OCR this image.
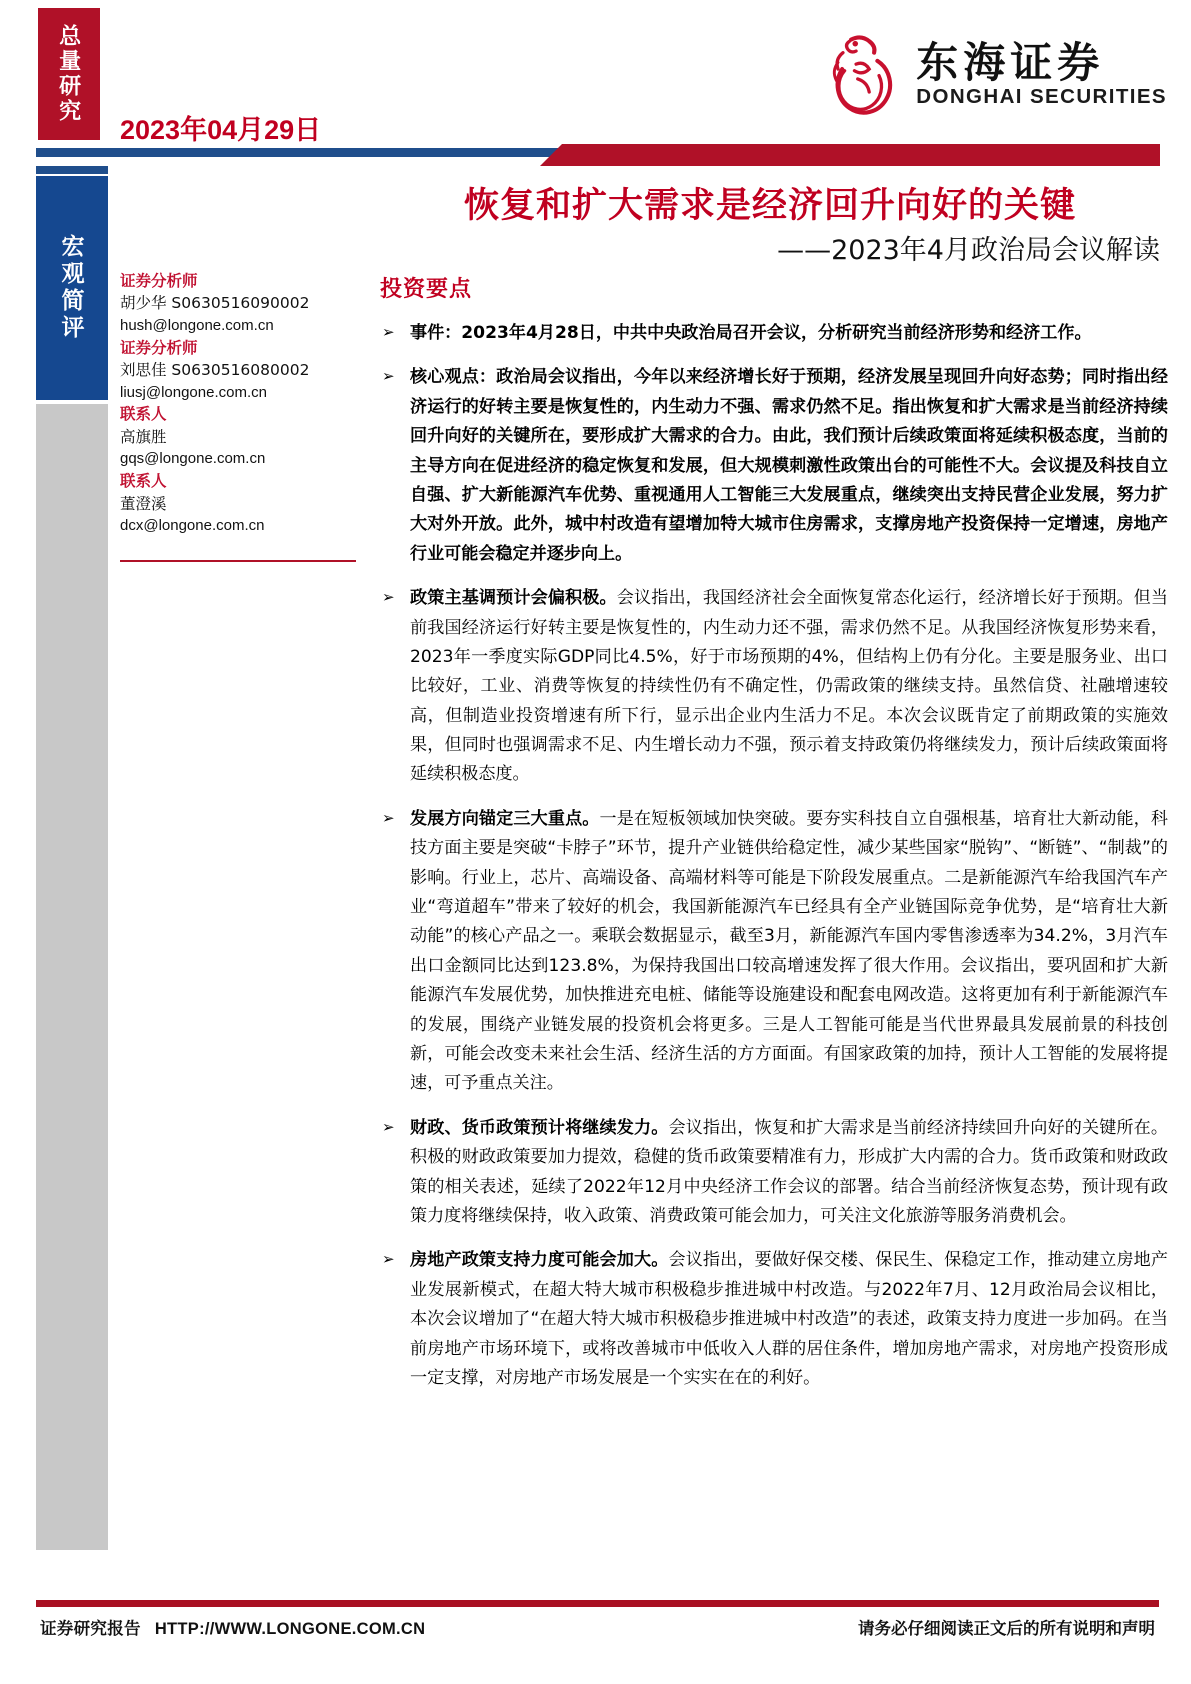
总量研究
2023年04月29日
东海证券
DONGHAI SECURITIES
宏观简评
恢复和扩大需求是经济回升向好的关键
——2023年4月政治局会议解读
证券分析师
胡少华 S0630516090002
hush@longone.com.cn
证券分析师
刘思佳 S0630516080002
liusj@longone.com.cn
联系人
高旗胜
gqs@longone.com.cn
联系人
董澄溪
dcx@longone.com.cn
投资要点
➢ 事件：2023年4月28日，中共中央政治局召开会议，分析研究当前经济形势和经济工作。
➢ 核心观点：政治局会议指出，今年以来经济增长好于预期，经济发展呈现回升向好态势；同时指出经济运行的好转主要是恢复性的，内生动力不强、需求仍然不足。指出恢复和扩大需求是当前经济持续回升向好的关键所在，要形成扩大需求的合力。由此，我们预计后续政策面将延续积极态度，当前的主导方向在促进经济的稳定恢复和发展，但大规模刺激性政策出台的可能性不大。会议提及科技自立自强、扩大新能源汽车优势、重视通用人工智能三大发展重点，继续突出支持民营企业发展，努力扩大对外开放。此外，城中村改造有望增加特大城市住房需求，支撑房地产投资保持一定增速，房地产行业可能会稳定并逐步向上。
➢ 政策主基调预计会偏积极。会议指出，我国经济社会全面恢复常态化运行，经济增长好于预期。但当前我国经济运行好转主要是恢复性的，内生动力还不强，需求仍然不足。从我国经济恢复形势来看，2023年一季度实际GDP同比4.5%，好于市场预期的4%，但结构上仍有分化。主要是服务业、出口比较好，工业、消费等恢复的持续性仍有不确定性，仍需政策的继续支持。虽然信贷、社融增速较高，但制造业投资增速有所下行，显示出企业内生活力不足。本次会议既肯定了前期政策的实施效果，但同时也强调需求不足、内生增长动力不强，预示着支持政策仍将继续发力，预计后续政策面将延续积极态度。
➢ 发展方向锚定三大重点。一是在短板领域加快突破。要夯实科技自立自强根基，培育壮大新动能，科技方面主要是突破“卡脖子”环节，提升产业链供给稳定性，减少某些国家“脱钩”、“断链”、“制裁”的影响。行业上，芯片、高端设备、高端材料等可能是下阶段发展重点。二是新能源汽车给我国汽车产业“弯道超车”带来了较好的机会，我国新能源汽车已经具有全产业链国际竞争优势，是“培育壮大新动能”的核心产品之一。乘联会数据显示，截至3月，新能源汽车国内零售渗透率为34.2%，3月汽车出口金额同比达到123.8%，为保持我国出口较高增速发挥了很大作用。会议指出，要巩固和扩大新能源汽车发展优势，加快推进充电桩、储能等设施建设和配套电网改造。这将更加有利于新能源汽车的发展，围绕产业链发展的投资机会将更多。三是人工智能可能是当代世界最具发展前景的科技创新，可能会改变未来社会生活、经济生活的方方面面。有国家政策的加持，预计人工智能的发展将提速，可予重点关注。
➢ 财政、货币政策预计将继续发力。会议指出，恢复和扩大需求是当前经济持续回升向好的关键所在。积极的财政政策要加力提效，稳健的货币政策要精准有力，形成扩大内需的合力。货币政策和财政政策的相关表述，延续了2022年12月中央经济工作会议的部署。结合当前经济恢复态势，预计现有政策力度将继续保持，收入政策、消费政策可能会加力，可关注文化旅游等服务消费机会。
➢ 房地产政策支持力度可能会加大。会议指出，要做好保交楼、保民生、保稳定工作，推动建立房地产业发展新模式，在超大特大城市积极稳步推进城中村改造。与2022年7月、12月政治局会议相比，本次会议增加了“在超大特大城市积极稳步推进城中村改造”的表述，政策支持力度进一步加码。在当前房地产市场环境下，或将改善城市中低收入人群的居住条件，增加房地产需求，对房地产投资形成一定支撑，对房地产市场发展是一个实实在在的利好。
证券研究报告 HTTP://WWW.LONGONE.COM.CN	请务必仔细阅读正文后的所有说明和声明
